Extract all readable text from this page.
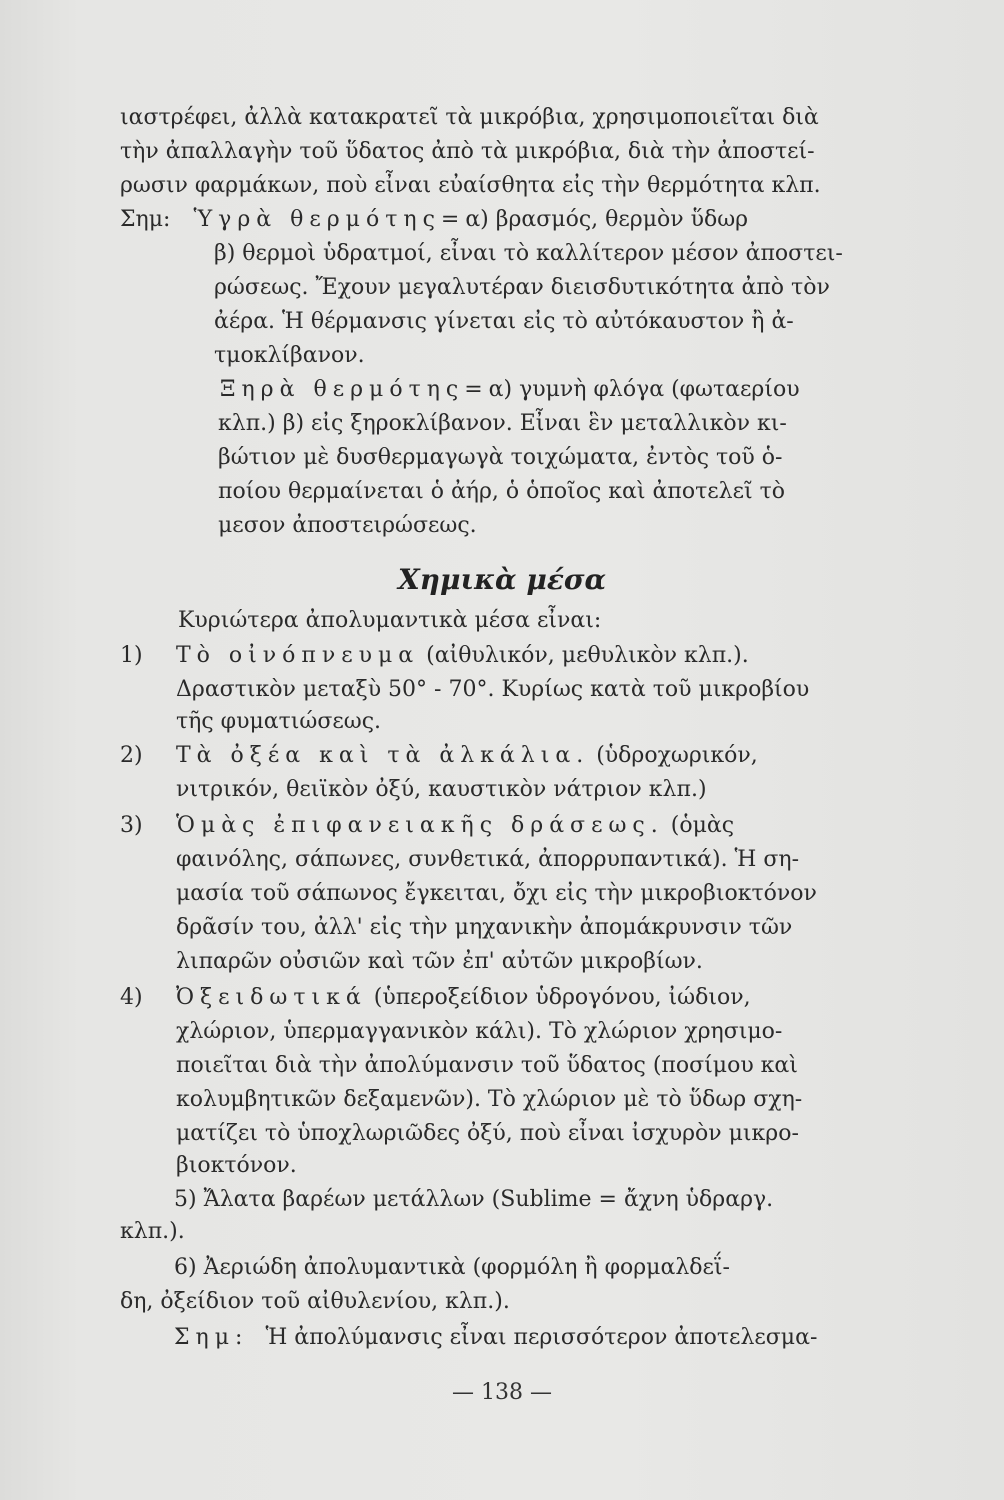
ιαστρέφει, ἀλλὰ κατακρατεῖ τὰ μικρόβια, χρησιμοποιεῖται διὰ
τὴν ἀπαλλαγὴν τοῦ ὕδατος ἀπὸ τὰ μικρόβια, διὰ τὴν ἀποστεί-
ρωσιν φαρμάκων, ποὺ εἶναι εὐαίσθητα εἰς τὴν θερμότητα κλπ.
Σημ: Ὑγρὰ θερμότης=α) βρασμός, θερμὸν ὕδωρ
β) θερμοὶ ὑδρατμοί, εἶναι τὸ καλλίτερον μέσον ἀποστει-
ρώσεως. Ἔχουν μεγαλυτέραν διεισδυτικότητα ἀπὸ τὸν
ἀέρα. Ἡ θέρμανσις γίνεται εἰς τὸ αὐτόκαυστον ἢ ἀ-
τμοκλίβανον.
Ξηρὰ θερμότης=α) γυμνὴ φλόγα (φωταερίου
κλπ.) β) εἰς ξηροκλίβανον. Εἶναι ἓν μεταλλικὸν κι-
βώτιον μὲ δυσθερμαγωγὰ τοιχώματα, ἐντὸς τοῦ ὁ-
ποίου θερμαίνεται ὁ ἀήρ, ὁ ὁποῖος καὶ ἀποτελεῖ τὸ
μεσον ἀποστειρώσεως.
Χημικὰ μέσα
Κυριώτερα ἀπολυμαντικὰ μέσα εἶναι:
1) Τὸ οἰνόπνευμα (αἰθυλικόν, μεθυλικὸν κλπ.).
Δραστικὸν μεταξὺ 50° - 70°. Κυρίως κατὰ τοῦ μικροβίου
τῆς φυματιώσεως.
2) Τὰ ὀξέα καὶ τὰ ἀλκάλια. (ὑδροχωρικόν,
νιτρικόν, θειϊκὸν ὀξύ, καυστικὸν νάτριον κλπ.)
3) Ὁμὰς ἐπιφανειακῆς δράσεως. (ὁμὰς
φαινόλης, σάπωνες, συνθετικά, ἀπορρυπαντικά). Ἡ ση-
μασία τοῦ σάπωνος ἔγκειται, ὄχι εἰς τὴν μικροβιοκτόνον
δρᾶσίν του, ἀλλ' εἰς τὴν μηχανικὴν ἀπομάκρυνσιν τῶν
λιπαρῶν οὐσιῶν καὶ τῶν ἐπ' αὐτῶν μικροβίων.
4) Ὀξειδωτικά (ὑπεροξείδιον ὑδρογόνου, ἰώδιον,
χλώριον, ὑπερμαγγανικὸν κάλι). Τὸ χλώριον χρησιμο-
ποιεῖται διὰ τὴν ἀπολύμανσιν τοῦ ὕδατος (ποσίμου καὶ
κολυμβητικῶν δεξαμενῶν). Τὸ χλώριον μὲ τὸ ὕδωρ σχη-
ματίζει τὸ ὑποχλωριῶδες ὀξύ, ποὺ εἶναι ἰσχυρὸν μικρο-
βιοκτόνον.
5) Ἄλατα βαρέων μετάλλων (Sublime = ἄχνη ὑδραργ.
κλπ.).
6) Ἀεριώδη ἀπολυμαντικὰ (φορμόλη ἢ φορμαλδεΐ-
δη, ὀξείδιον τοῦ αἰθυλενίου, κλπ.).
Σημ: Ἡ ἀπολύμανσις εἶναι περισσότερον ἀποτελεσμα-
— 138 —
